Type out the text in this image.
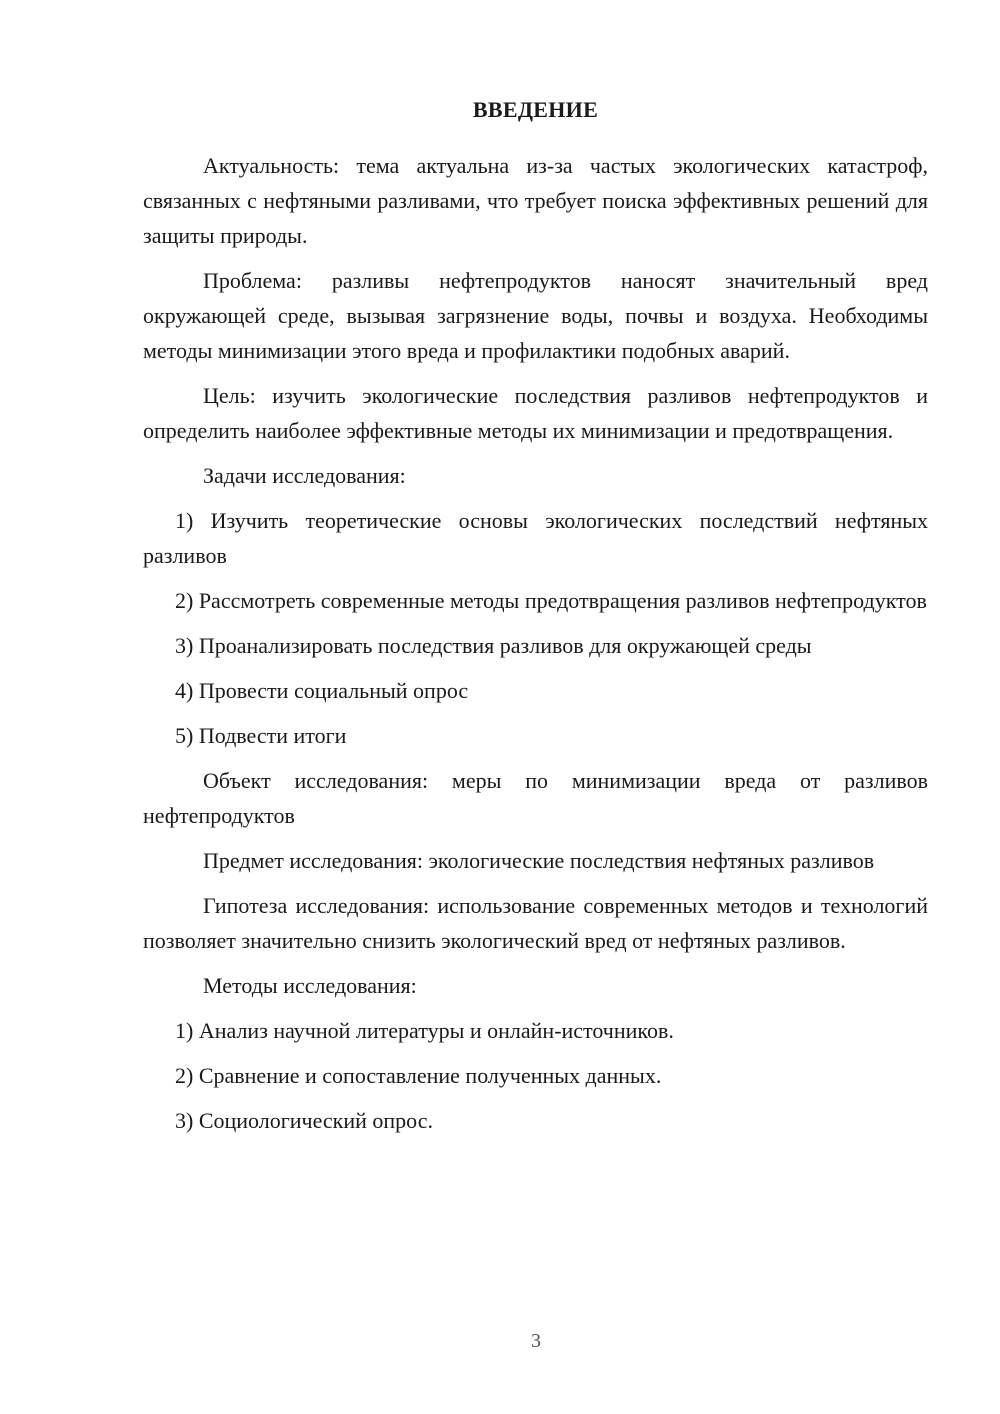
ВВЕДЕНИЕ

Актуальность: тема актуальна из-за частых экологических катастроф, связанных с нефтяными разливами, что требует поиска эффективных решений для защиты природы.

Проблема: разливы нефтепродуктов наносят значительный вред окружающей среде, вызывая загрязнение воды, почвы и воздуха. Необходимы методы минимизации этого вреда и профилактики подобных аварий.

Цель: изучить экологические последствия разливов нефтепродуктов и определить наиболее эффективные методы их минимизации и предотвращения.

Задачи исследования:

1) Изучить теоретические основы экологических последствий нефтяных разливов

2) Рассмотреть современные методы предотвращения разливов нефтепродуктов

3) Проанализировать последствия разливов для окружающей среды

4) Провести социальный опрос

5) Подвести итоги

Объект исследования: меры по минимизации вреда от разливов нефтепродуктов

Предмет исследования: экологические последствия нефтяных разливов

Гипотеза исследования: использование современных методов и технологий позволяет значительно снизить экологический вред от нефтяных разливов.

Методы исследования:

1) Анализ научной литературы и онлайн-источников.

2) Сравнение и сопоставление полученных данных.

3) Социологический опрос.

3
